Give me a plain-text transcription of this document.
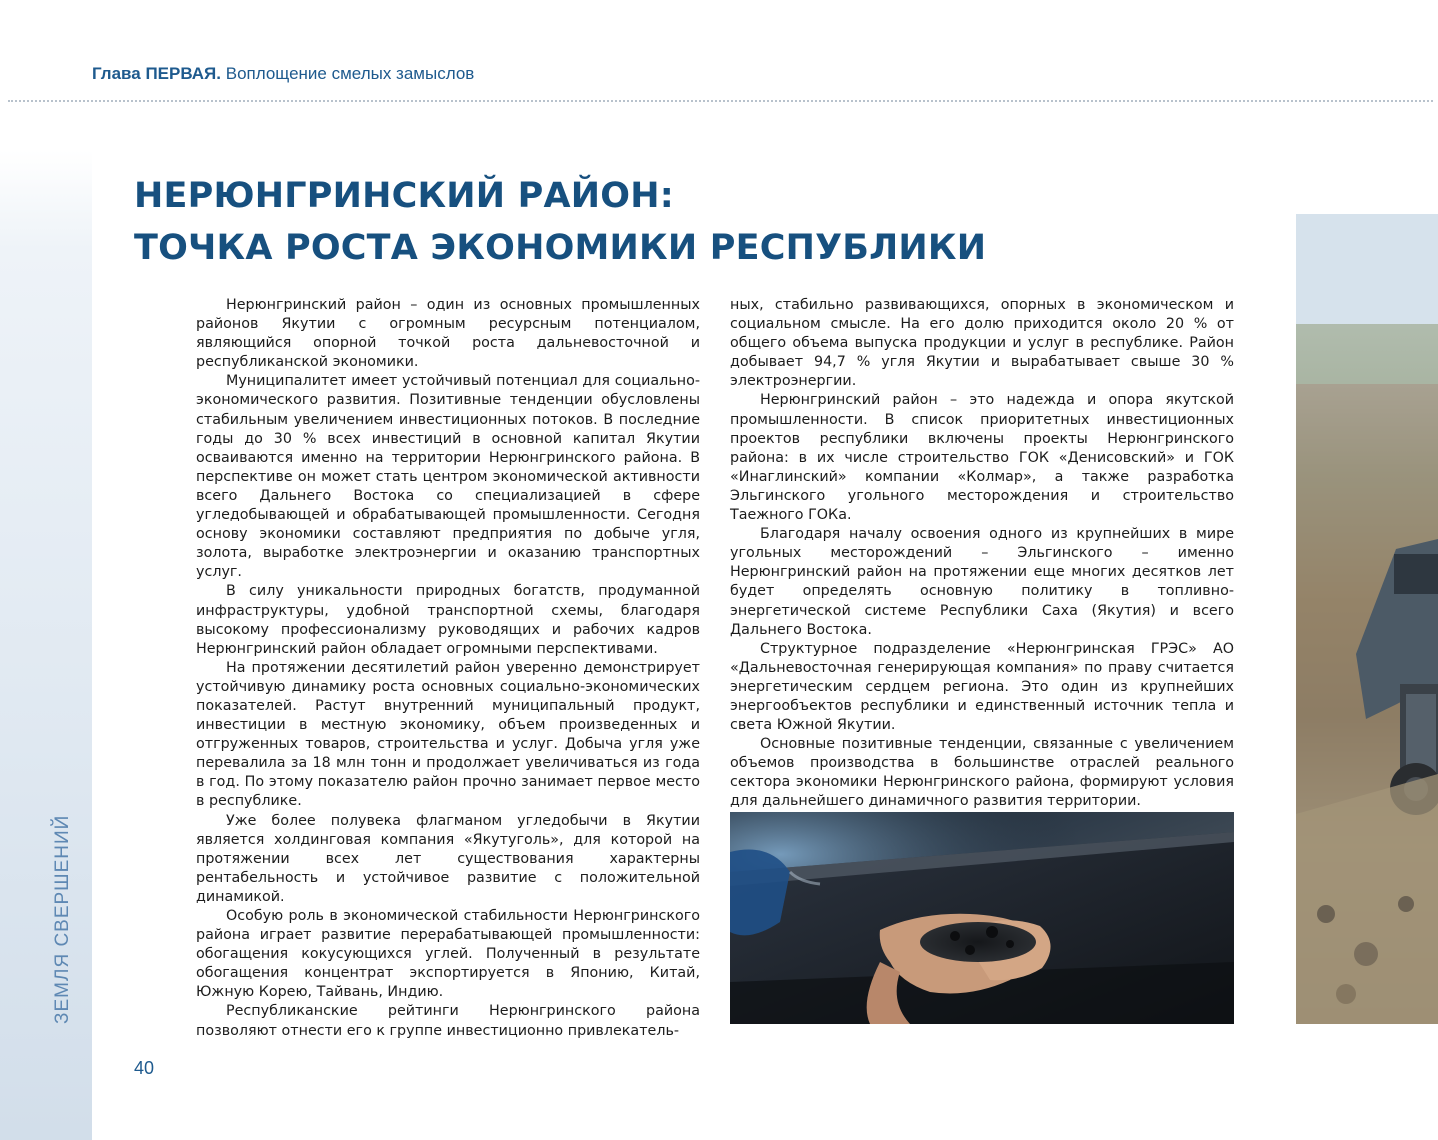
ЗЕМЛЯ СВЕРШЕНИЙ
Глава ПЕРВАЯ. Воплощение смелых замыслов
НЕРЮНГРИНСКИЙ РАЙОН:
ТОЧКА РОСТА ЭКОНОМИКИ РЕСПУБЛИКИ

Нерюнгринский район – один из основных промышленных районов Якутии с огромным ресурсным потенциалом, являющийся опорной точкой роста дальневосточной и республиканской экономики.

Муниципалитет имеет устойчивый потенциал для социально-экономического развития. Позитивные тенденции обусловлены стабильным увеличением инвестиционных потоков. В последние годы до 30 % всех инвестиций в основной капитал Якутии осваиваются именно на территории Нерюнгринского района. В перспективе он может стать центром экономической активности всего Дальнего Востока со специализацией в сфере угледобывающей и обрабатывающей промышленности. Сегодня основу экономики составляют предприятия по добыче угля, золота, выработке электроэнергии и оказанию транспортных услуг.

В силу уникальности природных богатств, продуманной инфраструктуры, удобной транспортной схемы, благодаря высокому профессионализму руководящих и рабочих кадров Нерюнгринский район обладает огромными перспективами.

На протяжении десятилетий район уверенно демонстрирует устойчивую динамику роста основных социально-экономических показателей. Растут внутренний муниципальный продукт, инвестиции в местную экономику, объем произведенных и отгруженных товаров, строительства и услуг. Добыча угля уже перевалила за 18 млн тонн и продолжает увеличиваться из года в год. По этому показателю район прочно занимает первое место в республике.

Уже более полувека флагманом угледобычи в Якутии является холдинговая компания «Якутуголь», для которой на протяжении всех лет существования характерны рентабельность и устойчивое развитие с положительной динамикой.

Особую роль в экономической стабильности Нерюнгринского района играет развитие перерабатывающей промышленности: обогащения кокусующихся углей. Полученный в результате обогащения концентрат экспортируется в Японию, Китай, Южную Корею, Тайвань, Индию.

Республиканские рейтинги Нерюнгринского района позволяют отнести его к группе инвестиционно привлекатель-

ных, стабильно развивающихся, опорных в экономическом и социальном смысле. На его долю приходится около 20 % от общего объема выпуска продукции и услуг в республике. Район добывает 94,7 % угля Якутии и вырабатывает свыше 30 % электроэнергии.

Нерюнгринский район – это надежда и опора якутской промышленности. В список приоритетных инвестиционных проектов республики включены проекты Нерюнгринского района: в их числе строительство ГОК «Денисовский» и ГОК «Инаглинский» компании «Колмар», а также разработка Эльгинского угольного месторождения и строительство Таежного ГОКа.

Благодаря началу освоения одного из крупнейших в мире угольных месторождений – Эльгинского – именно Нерюнгринский район на протяжении еще многих десятков лет будет определять основную политику в топливно-энергетической системе Республики Саха (Якутия) и всего Дальнего Востока.

Структурное подразделение «Нерюнгринская ГРЭС» АО «Дальневосточная генерирующая компания» по праву считается энергетическим сердцем региона. Это один из крупнейших энергообъектов республики и единственный источник тепла и света Южной Якутии.

Основные позитивные тенденции, связанные с увеличением объемов производства в большинстве отраслей реального сектора экономики Нерюнгринского района, формируют условия для дальнейшего динамичного развития территории.

40
